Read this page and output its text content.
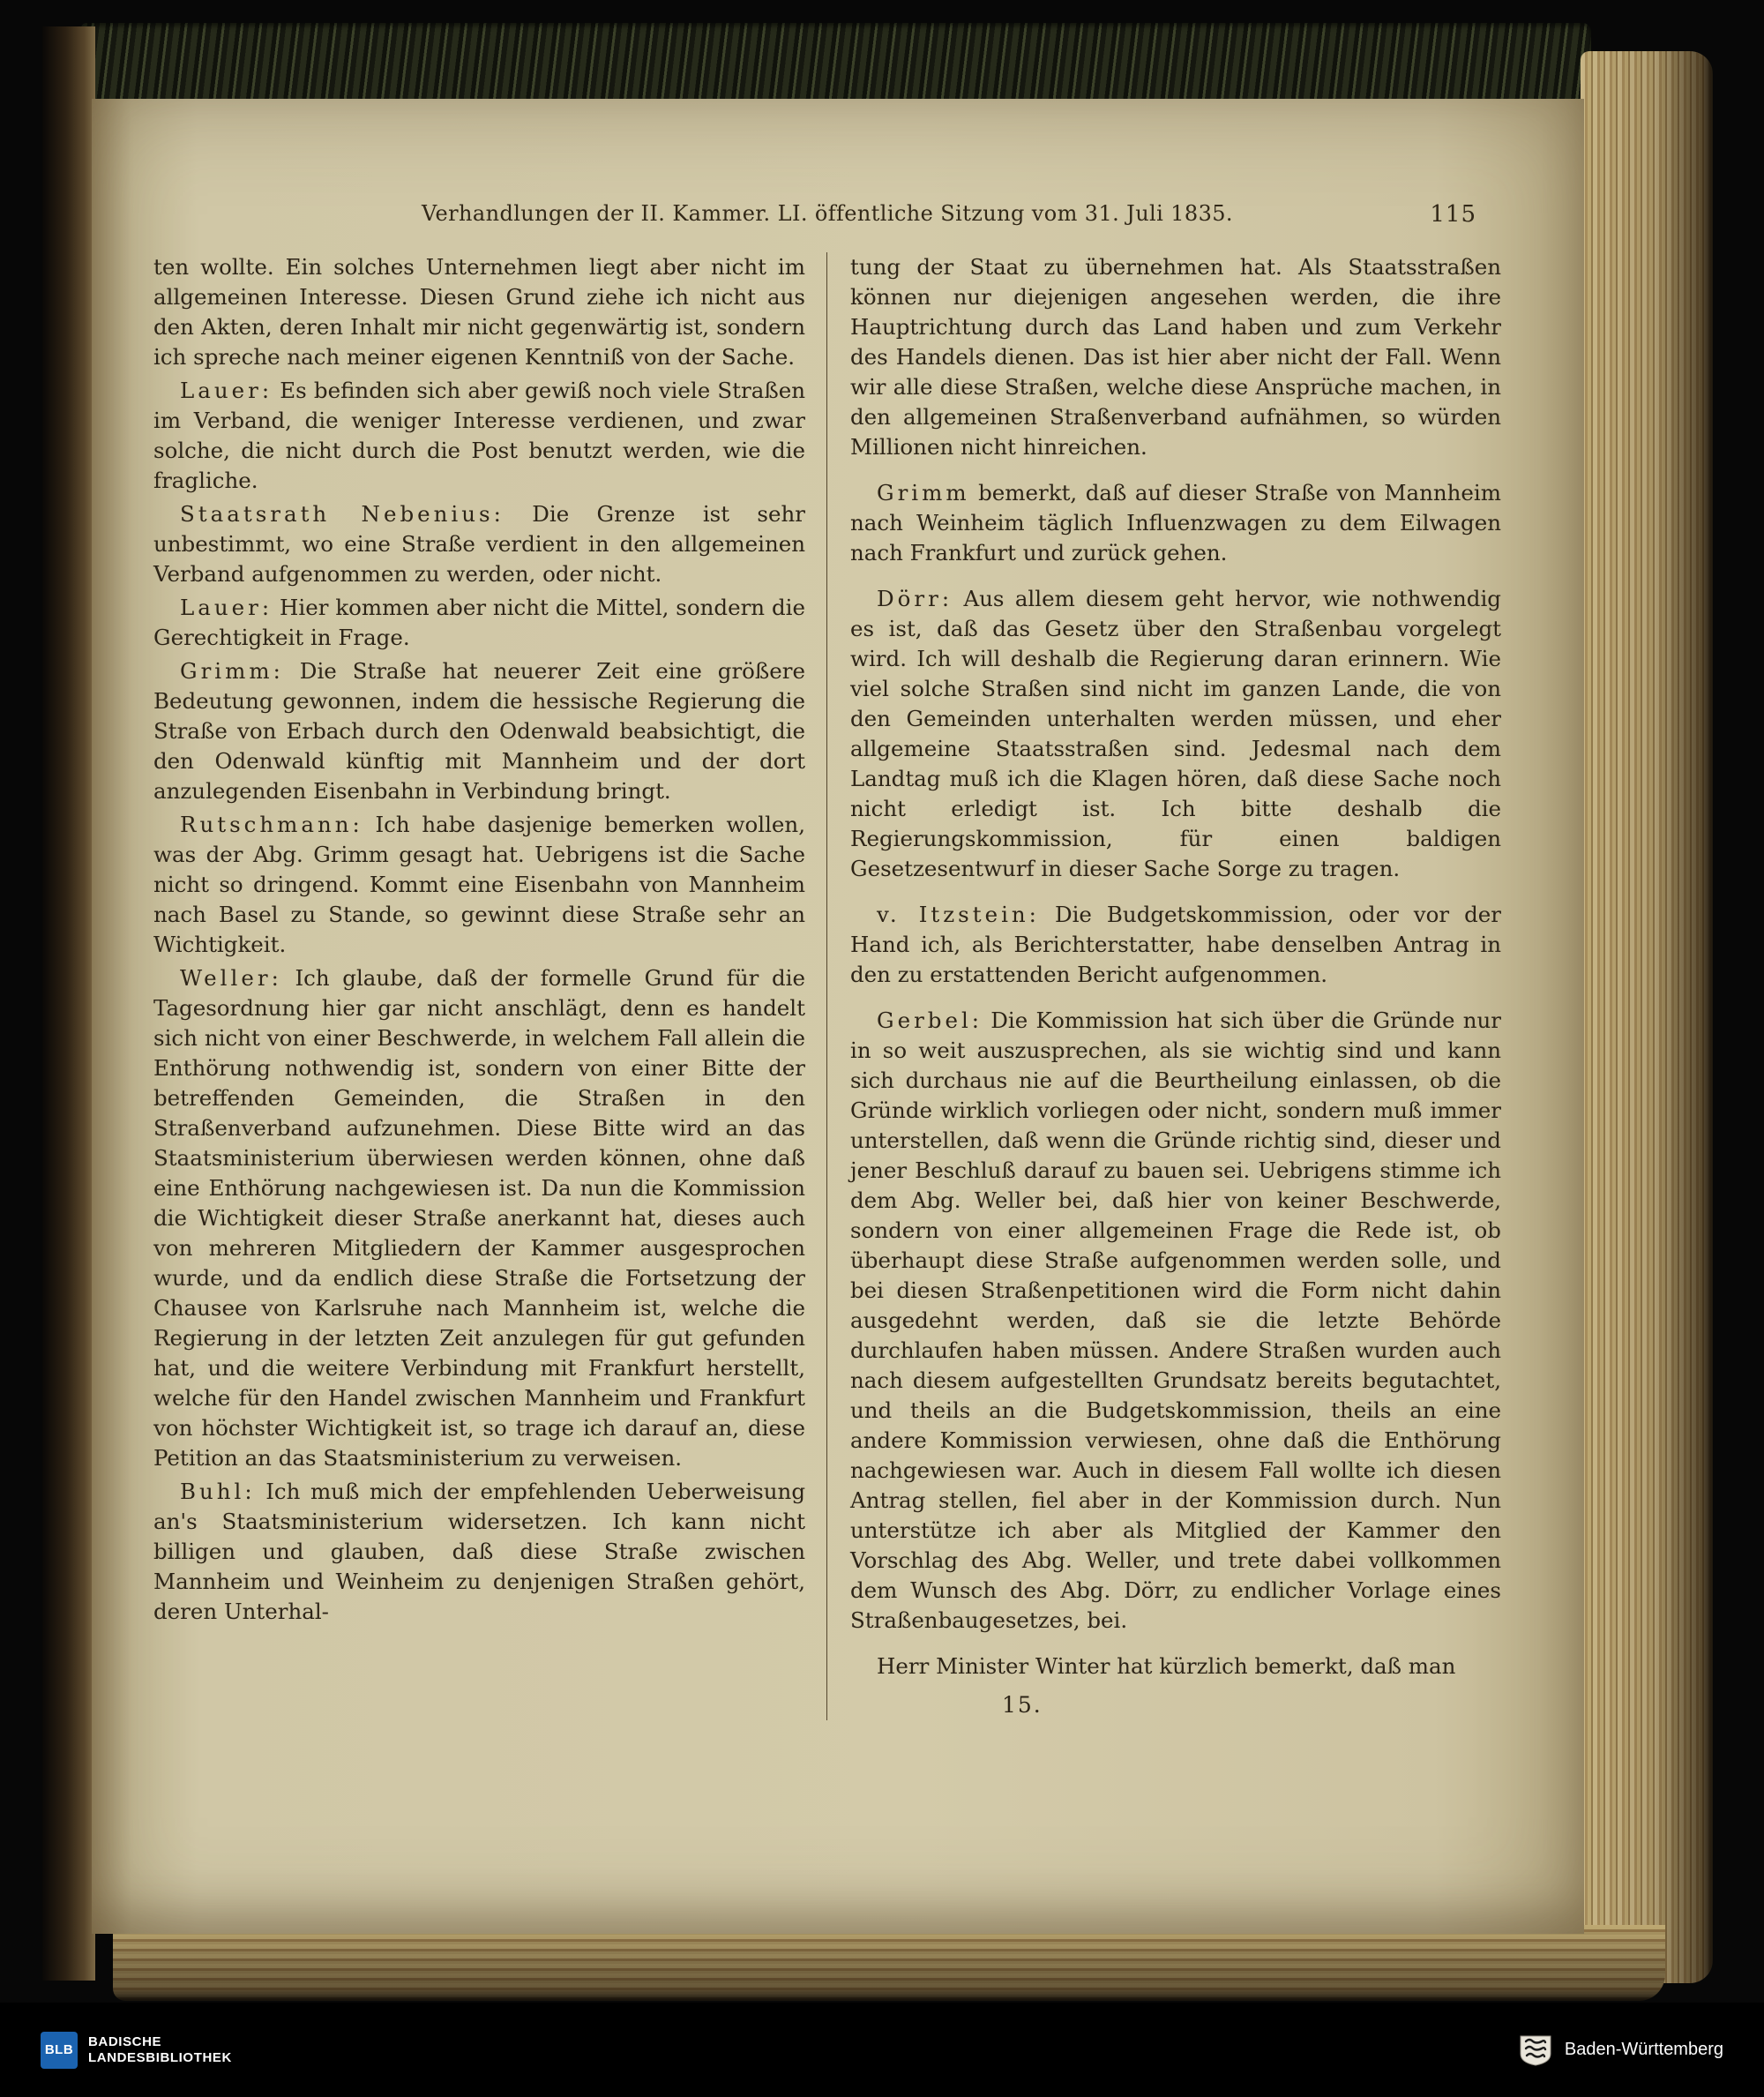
Verhandlungen der II. Kammer. LI. öffentliche Sitzung vom 31. Juli 1835.	115

ten wollte. Ein solches Unternehmen liegt aber nicht im allgemeinen Interesse. Diesen Grund ziehe ich nicht aus den Akten, deren Inhalt mir nicht gegenwärtig ist, sondern ich spreche nach meiner eigenen Kenntniß von der Sache.

Lauer: Es befinden sich aber gewiß noch viele Straßen im Verband, die weniger Interesse verdienen, und zwar solche, die nicht durch die Post benutzt werden, wie die fragliche.

Staatsrath Nebenius: Die Grenze ist sehr unbestimmt, wo eine Straße verdient in den allgemeinen Verband aufgenommen zu werden, oder nicht.

Lauer: Hier kommen aber nicht die Mittel, sondern die Gerechtigkeit in Frage.

Grimm: Die Straße hat neuerer Zeit eine größere Bedeutung gewonnen, indem die hessische Regierung die Straße von Erbach durch den Odenwald beabsichtigt, die den Odenwald künftig mit Mannheim und der dort anzulegenden Eisenbahn in Verbindung bringt.

Rutschmann: Ich habe dasjenige bemerken wollen, was der Abg. Grimm gesagt hat. Uebrigens ist die Sache nicht so dringend. Kommt eine Eisenbahn von Mannheim nach Basel zu Stande, so gewinnt diese Straße sehr an Wichtigkeit.

Weller: Ich glaube, daß der formelle Grund für die Tagesordnung hier gar nicht anschlägt, denn es handelt sich nicht von einer Beschwerde, in welchem Fall allein die Enthörung nothwendig ist, sondern von einer Bitte der betreffenden Gemeinden, die Straßen in den Straßenverband aufzunehmen. Diese Bitte wird an das Staatsministerium überwiesen werden können, ohne daß eine Enthörung nachgewiesen ist. Da nun die Kommission die Wichtigkeit dieser Straße anerkannt hat, dieses auch von mehreren Mitgliedern der Kammer ausgesprochen wurde, und da endlich diese Straße die Fortsetzung der Chausee von Karlsruhe nach Mannheim ist, welche die Regierung in der letzten Zeit anzulegen für gut gefunden hat, und die weitere Verbindung mit Frankfurt herstellt, welche für den Handel zwischen Mannheim und Frankfurt von höchster Wichtigkeit ist, so trage ich darauf an, diese Petition an das Staatsministerium zu verweisen.

Buhl: Ich muß mich der empfehlenden Ueberweisung an's Staatsministerium widersetzen. Ich kann nicht billigen und glauben, daß diese Straße zwischen Mannheim und Weinheim zu denjenigen Straßen gehört, deren Unterhal-

tung der Staat zu übernehmen hat. Als Staatsstraßen können nur diejenigen angesehen werden, die ihre Hauptrichtung durch das Land haben und zum Verkehr des Handels dienen. Das ist hier aber nicht der Fall. Wenn wir alle diese Straßen, welche diese Ansprüche machen, in den allgemeinen Straßenverband aufnähmen, so würden Millionen nicht hinreichen.

Grimm bemerkt, daß auf dieser Straße von Mannheim nach Weinheim täglich Influenzwagen zu dem Eilwagen nach Frankfurt und zurück gehen.

Dörr: Aus allem diesem geht hervor, wie nothwendig es ist, daß das Gesetz über den Straßenbau vorgelegt wird. Ich will deshalb die Regierung daran erinnern. Wie viel solche Straßen sind nicht im ganzen Lande, die von den Gemeinden unterhalten werden müssen, und eher allgemeine Staatsstraßen sind. Jedesmal nach dem Landtag muß ich die Klagen hören, daß diese Sache noch nicht erledigt ist. Ich bitte deshalb die Regierungskommission, für einen baldigen Gesetzesentwurf in dieser Sache Sorge zu tragen.

v. Itzstein: Die Budgetskommission, oder vor der Hand ich, als Berichterstatter, habe denselben Antrag in den zu erstattenden Bericht aufgenommen.

Gerbel: Die Kommission hat sich über die Gründe nur in so weit auszusprechen, als sie wichtig sind und kann sich durchaus nie auf die Beurtheilung einlassen, ob die Gründe wirklich vorliegen oder nicht, sondern muß immer unterstellen, daß wenn die Gründe richtig sind, dieser und jener Beschluß darauf zu bauen sei. Uebrigens stimme ich dem Abg. Weller bei, daß hier von keiner Beschwerde, sondern von einer allgemeinen Frage die Rede ist, ob überhaupt diese Straße aufgenommen werden solle, und bei diesen Straßenpetitionen wird die Form nicht dahin ausgedehnt werden, daß sie die letzte Behörde durchlaufen haben müssen. Andere Straßen wurden auch nach diesem aufgestellten Grundsatz bereits begutachtet, und theils an die Budgetskommission, theils an eine andere Kommission verwiesen, ohne daß die Enthörung nachgewiesen war. Auch in diesem Fall wollte ich diesen Antrag stellen, fiel aber in der Kommission durch. Nun unterstütze ich aber als Mitglied der Kammer den Vorschlag des Abg. Weller, und trete dabei vollkommen dem Wunsch des Abg. Dörr, zu endlicher Vorlage eines Straßenbaugesetzes, bei.

Herr Minister Winter hat kürzlich bemerkt, daß man

15.
BLB
BADISCHE
LANDESBIBLIOTHEK	Baden-Württemberg
